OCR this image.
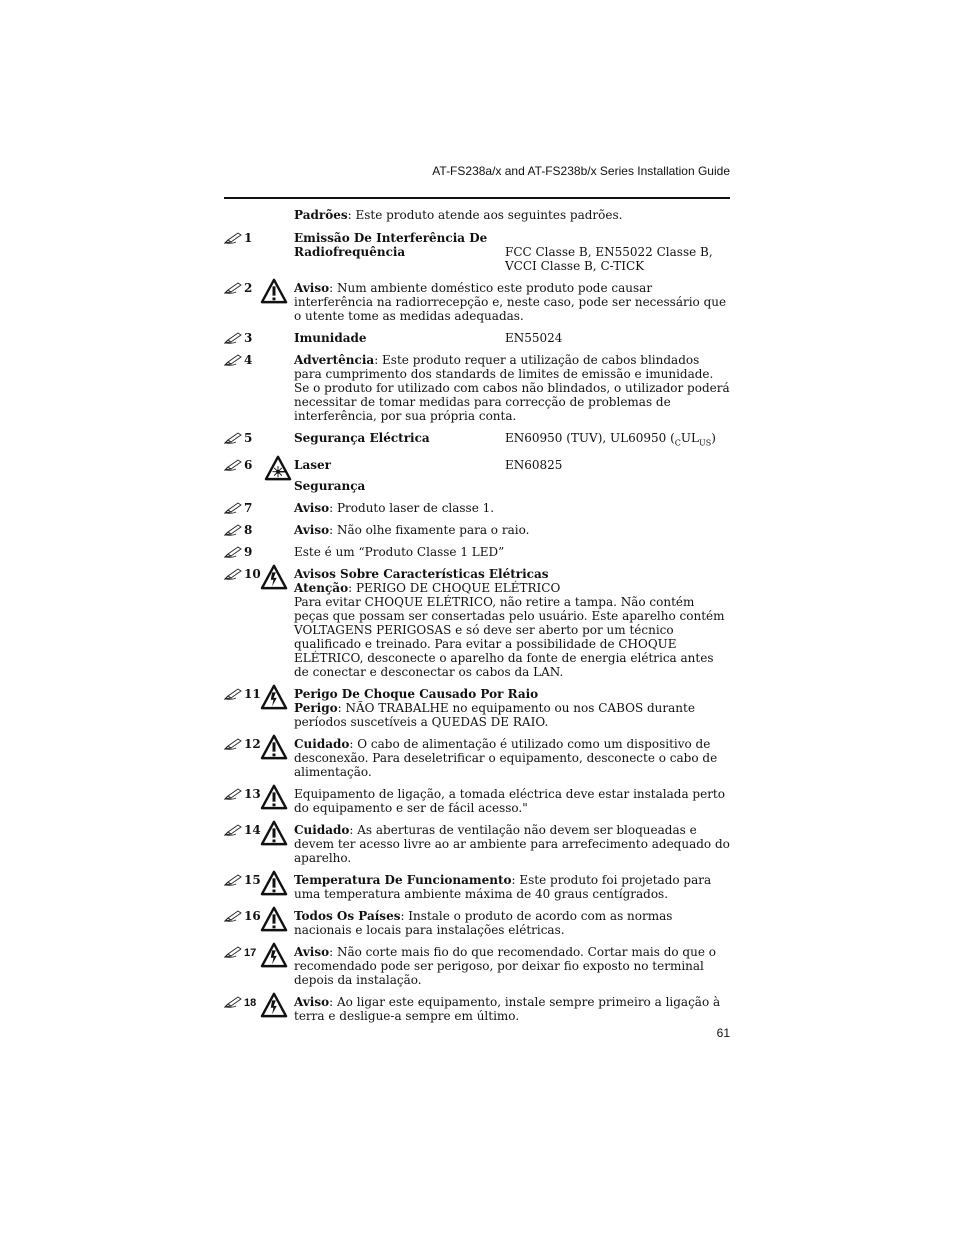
AT-FS238a/x and AT-FS238b/x Series Installation Guide
Padrões: Este produto atende aos seguintes padrões.
1	Emissão De Interferência De
Radiofrequência
	FCC Classe B, EN55022 Classe B,
VCCI Classe B, C-TICK
2	Aviso: Num ambiente doméstico este produto pode causar interferência na radiorrecepção e, neste caso, pode ser necessário que o utente tome as medidas adequadas.
3	Imunidade	EN55024
4	Advertência: Este produto requer a utilização de cabos blindados para cumprimento dos standards de limites de emissão e imunidade. Se o produto for utilizado com cabos não blindados, o utilizador poderá necessitar de tomar medidas para correcção de problemas de interferência, por sua própria conta.
5	Segurança Eléctrica	EN60950 (TUV), UL60950 $(_CUL_{US})$
6	Laser	EN60825
Segurança
7	Aviso: Produto laser de classe 1.
8	Aviso: Não olhe fixamente para o raio.
9	Este é um “Produto Classe 1 LED”
10	Avisos Sobre Características Elétricas
Atenção: PERIGO DE CHOQUE ELÉTRICO
Para evitar CHOQUE ELÉTRICO, não retire a tampa. Não contém peças que possam ser consertadas pelo usuário. Este aparelho contém VOLTAGENS PERIGOSAS e só deve ser aberto por um técnico qualificado e treinado. Para evitar a possibilidade de CHOQUE ELÉTRICO, desconecte o aparelho da fonte de energia elétrica antes de conectar e desconectar os cabos da LAN.
11	Perigo De Choque Causado Por Raio
Perigo: NÃO TRABALHE no equipamento ou nos CABOS durante períodos suscetíveis a QUEDAS DE RAIO.
12	Cuidado: O cabo de alimentação é utilizado como um dispositivo de desconexão. Para deseletrificar o equipamento, desconecte o cabo de alimentação.
13	Equipamento de ligação, a tomada eléctrica deve estar instalada perto do equipamento e ser de fácil acesso."
14	Cuidado: As aberturas de ventilação não devem ser bloqueadas e devem ter acesso livre ao ar ambiente para arrefecimento adequado do aparelho.
15	Temperatura De Funcionamento: Este produto foi projetado para uma temperatura ambiente máxima de 40 graus centígrados.
16	Todos Os Países: Instale o produto de acordo com as normas nacionais e locais para instalações elétricas.
17	Aviso: Não corte mais fio do que recomendado. Cortar mais do que o recomendado pode ser perigoso, por deixar fio exposto no terminal depois da instalação.
18	Aviso: Ao ligar este equipamento, instale sempre primeiro a ligação à terra e desligue-a sempre em último.
61
